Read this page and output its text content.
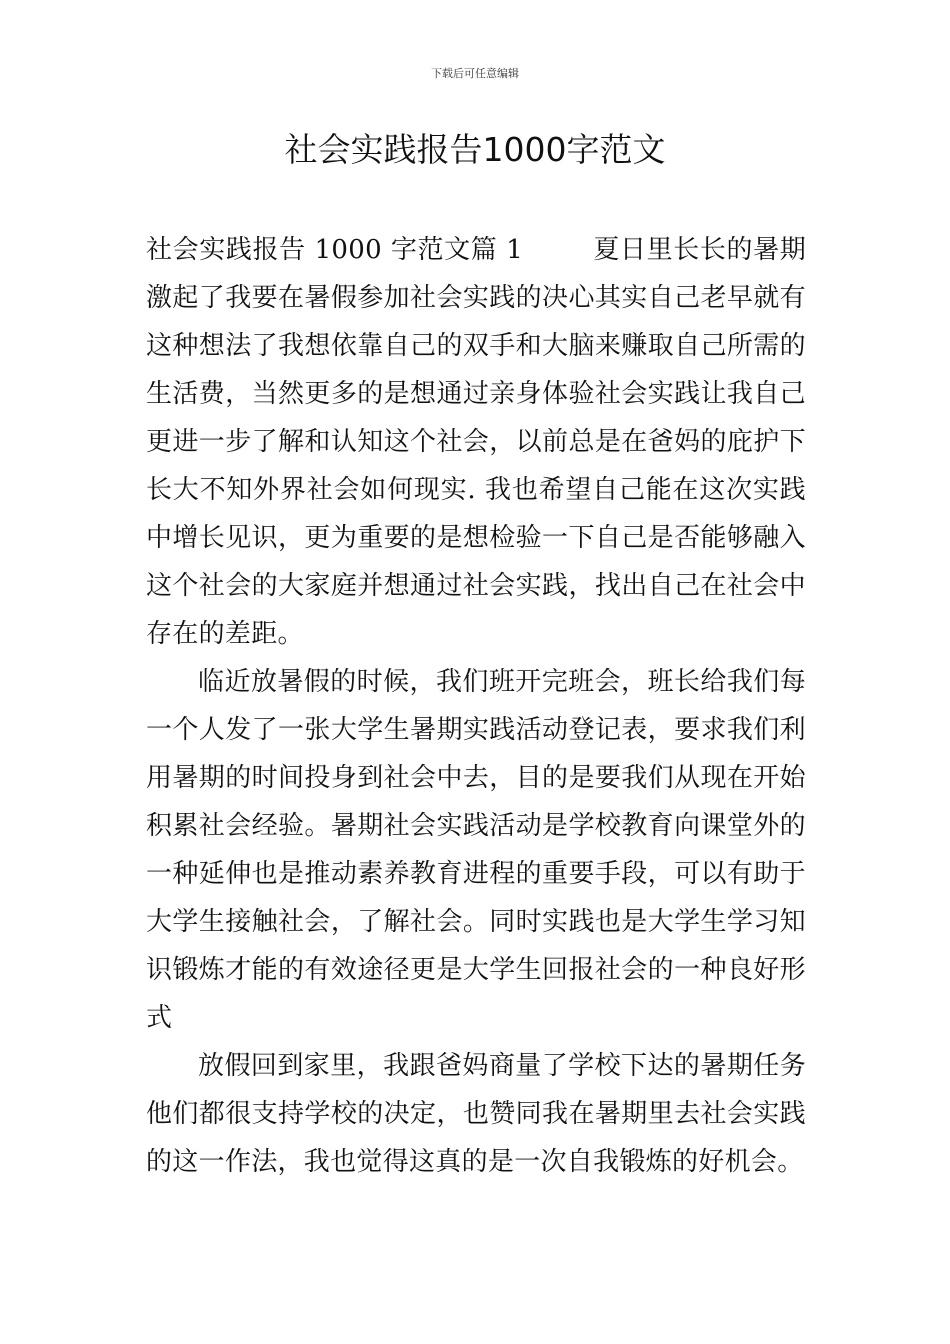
下载后可任意编辑
社会实践报告1000字范文

社会实践报告 1000 字范文篇 1	夏日里长长的暑期激起了我要在暑假参加社会实践的决心其实自己老早就有这种想法了我想依靠自己的双手和大脑来赚取自己所需的生活费，当然更多的是想通过亲身体验社会实践让我自己更进一步了解和认知这个社会，以前总是在爸妈的庇护下长大不知外界社会如何现实. 我也希望自己能在这次实践中增长见识，更为重要的是想检验一下自己是否能够融入这个社会的大家庭并想通过社会实践，找出自己在社会中存在的差距。

临近放暑假的时候，我们班开完班会，班长给我们每一个人发了一张大学生暑期实践活动登记表，要求我们利用暑期的时间投身到社会中去，目的是要我们从现在开始积累社会经验。暑期社会实践活动是学校教育向课堂外的一种延伸也是推动素养教育进程的重要手段，可以有助于大学生接触社会，了解社会。同时实践也是大学生学习知识锻炼才能的有效途径更是大学生回报社会的一种良好形式

放假回到家里，我跟爸妈商量了学校下达的暑期任务他们都很支持学校的决定，也赞同我在暑期里去社会实践的这一作法，我也觉得这真的是一次自我锻炼的好机会。
